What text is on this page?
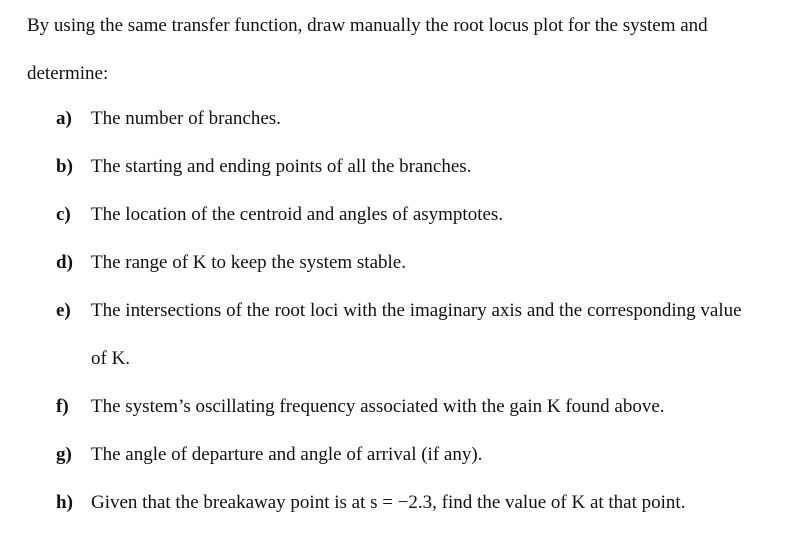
By using the same transfer function, draw manually the root locus plot for the system and
determine:
a) The number of branches.
b) The starting and ending points of all the branches.
c) The location of the centroid and angles of asymptotes.
d) The range of K to keep the system stable.
e) The intersections of the root loci with the imaginary axis and the corresponding value
of K.
f) The system’s oscillating frequency associated with the gain K found above.
g) The angle of departure and angle of arrival (if any).
h) Given that the breakaway point is at s = −2.3, find the value of K at that point.
